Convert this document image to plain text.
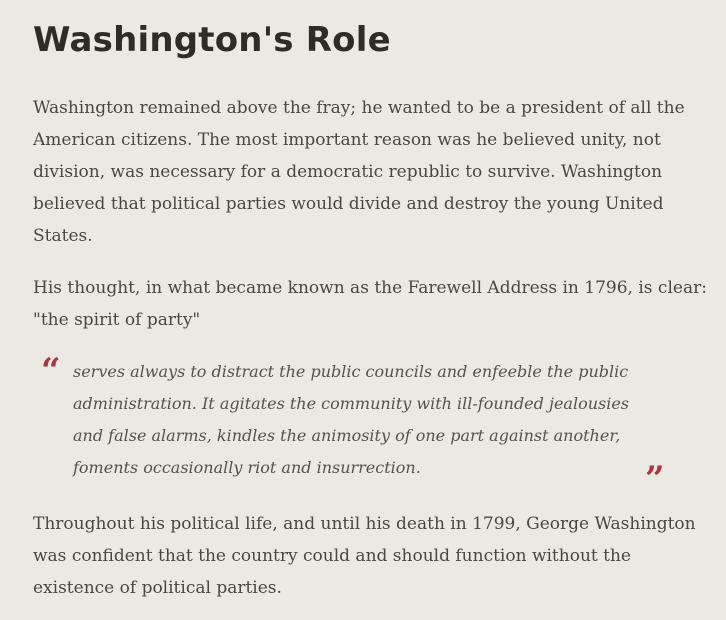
Washington's Role

Washington remained above the fray; he wanted to be a president of all the
American citizens. The most important reason was he believed unity, not
division, was necessary for a democratic republic to survive. Washington
believed that political parties would divide and destroy the young United
States.

His thought, in what became known as the Farewell Address in 1796, is clear:
"the spirit of party"

“ serves always to distract the public councils and enfeeble the public
administration. It agitates the community with ill-founded jealousies
and false alarms, kindles the animosity of one part against another,
foments occasionally riot and insurrection.	”

Throughout his political life, and until his death in 1799, George Washington
was confident that the country could and should function without the
existence of political parties.
